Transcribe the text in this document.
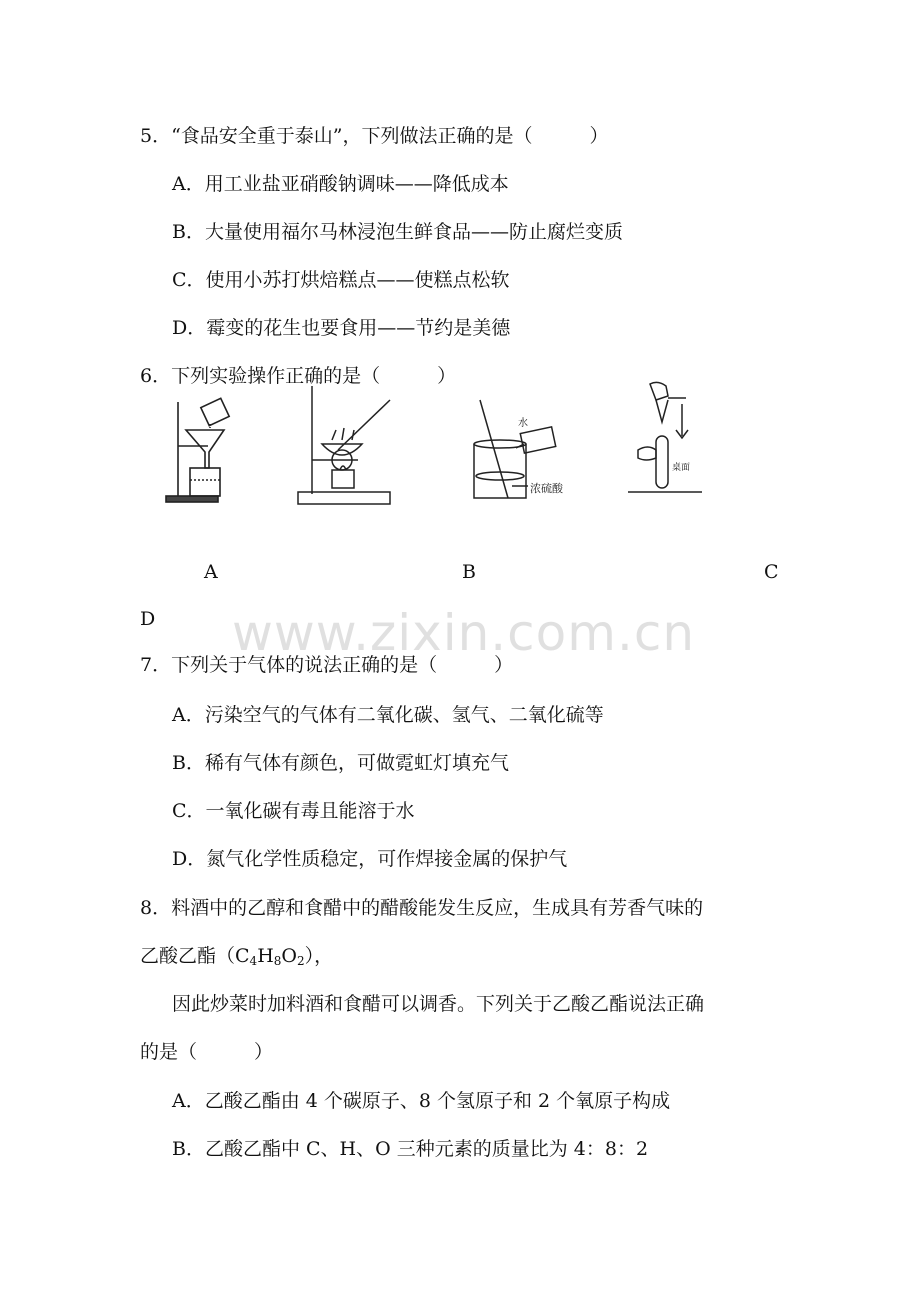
5．“食品安全重于泰山”，下列做法正确的是（　　　）
A．用工业盐亚硝酸钠调味——降低成本
B．大量使用福尔马林浸泡生鲜食品——防止腐烂变质
C．使用小苏打烘焙糕点——使糕点松软
D．霉变的花生也要食用——节约是美德
6．下列实验操作正确的是（　　　）
水
浓硫酸
桌面
A	B	C
D www.zixin.com.cn
7．下列关于气体的说法正确的是（　　　）
A．污染空气的气体有二氧化碳、氢气、二氧化硫等
B．稀有气体有颜色，可做霓虹灯填充气
C．一氧化碳有毒且能溶于水
D．氮气化学性质稳定，可作焊接金属的保护气
8．料酒中的乙醇和食醋中的醋酸能发生反应，生成具有芳香气味的
乙酸乙酯$(C_4H_8O_2)$，
因此炒菜时加料酒和食醋可以调香。下列关于乙酸乙酯说法正确
的是（　　　）
A．乙酸乙酯由 4 个碳原子、8 个氢原子和 2 个氧原子构成
B．乙酸乙酯中 C、H、O 三种元素的质量比为 4：8：2
